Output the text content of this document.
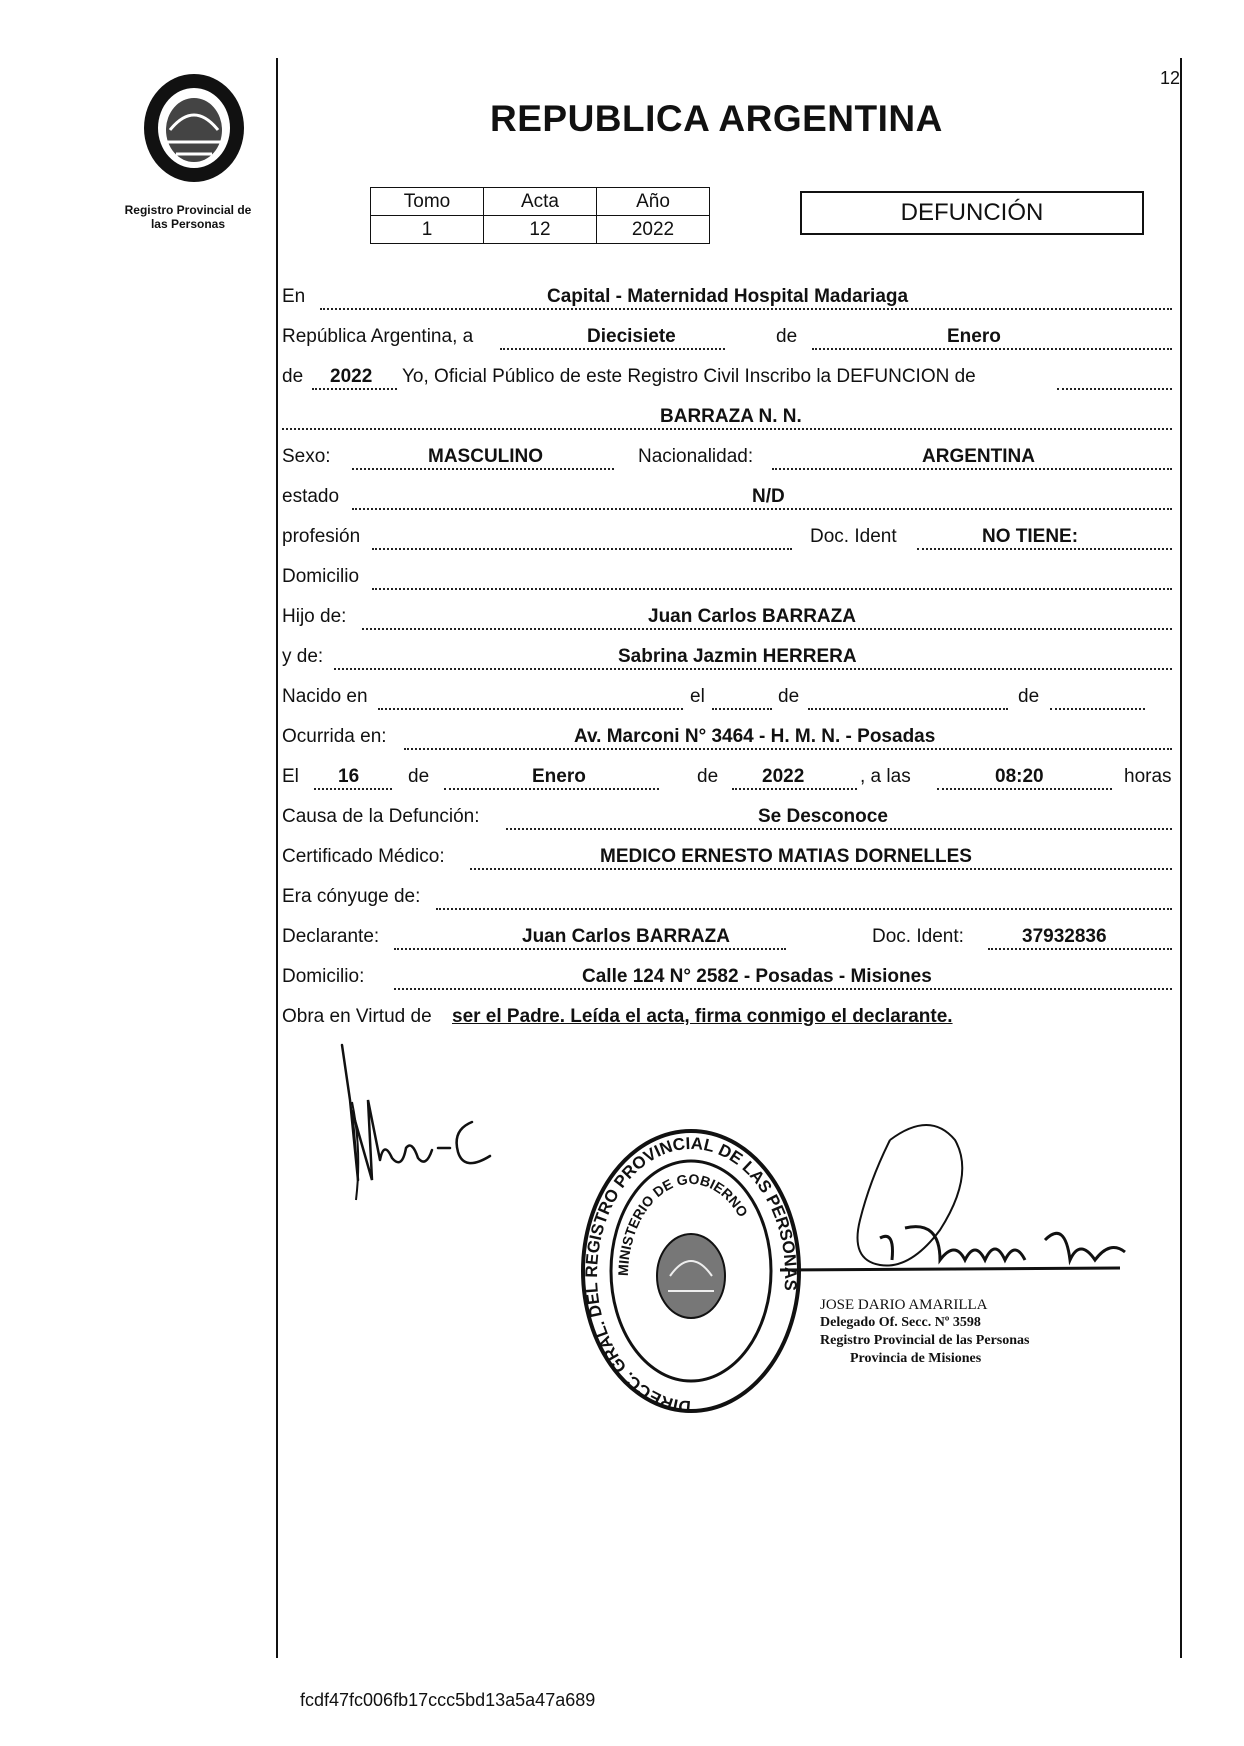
Registro Provincial de
las Personas
12
REPUBLICA ARGENTINA
Tomo	Acta	Año
1	12	2022
DEFUNCIÓN
En	Capital - Maternidad Hospital Madariaga
República Argentina, a	Diecisiete	de	Enero
de 2022 Yo, Oficial Público de este Registro Civil Inscribo la DEFUNCION de
BARRAZA N. N.
Sexo:	MASCULINO	Nacionalidad:	ARGENTINA
estado	N/D
profesión	Doc. Ident	NO TIENE:
Domicilio
Hijo de:	Juan Carlos BARRAZA
y de:	Sabrina Jazmin HERRERA
Nacido en	el	de	de
Ocurrida en:	Av. Marconi N° 3464 - H. M. N. - Posadas
El 16	de	Enero	de 2022	, a las	08:20	horas
Causa de la Defunción:	Se Desconoce
Certificado Médico:	MEDICO ERNESTO MATIAS DORNELLES
Era cónyuge de:
Declarante:	Juan Carlos BARRAZA	Doc. Ident:	37932836
Domicilio:	Calle 124 N° 2582 - Posadas - Misiones
Obra en Virtud de ser el Padre. Leída el acta, firma conmigo el declarante.
DIRECC. GRAL. DEL REGISTRO PROVINCIAL DE LAS PERSONAS
MINISTERIO DE GOBIERNO
JOSE DARIO AMARILLA
Delegado Of. Secc. Nº 3598
Registro Provincial de las Personas
Provincia de Misiones
fcdf47fc006fb17ccc5bd13a5a47a689
